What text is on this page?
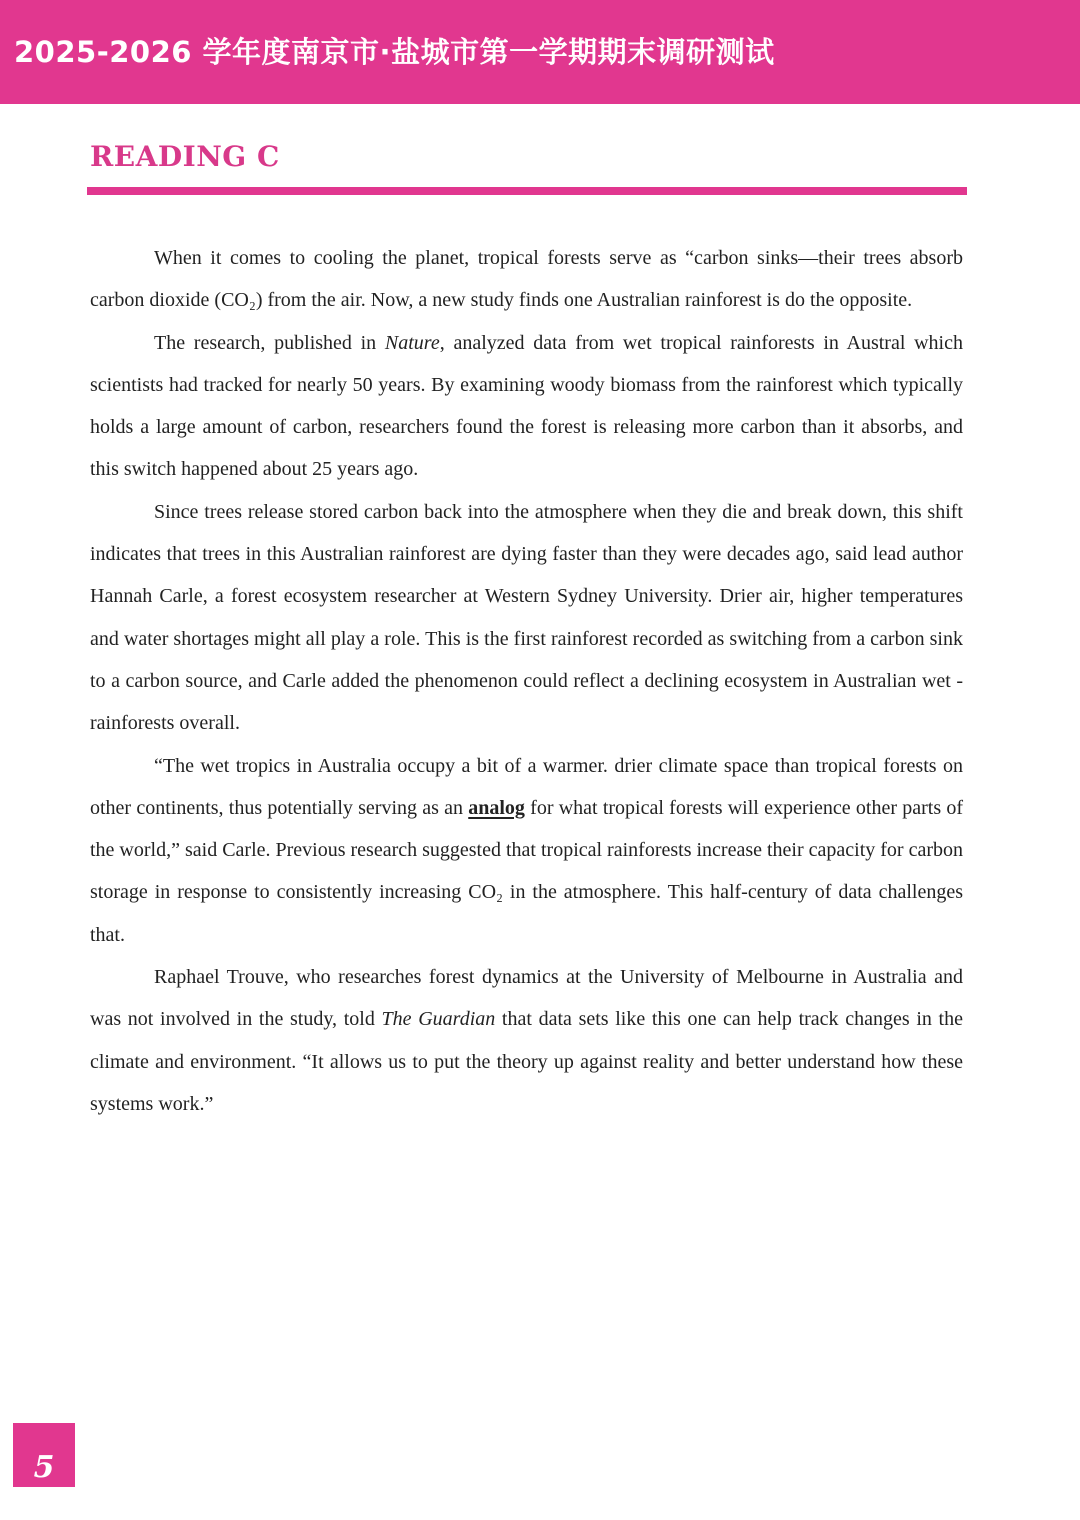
2025-2026 学年度南京市·盐城市第一学期期末调研测试
READING C

When it comes to cooling the planet, tropical forests serve as “carbon sinks—their trees absorb carbon dioxide (CO₂) from the air. Now, a new study finds one Australian rainforest is do the opposite.

The research, published in Nature, analyzed data from wet tropical rainforests in Austral which scientists had tracked for nearly 50 years. By examining woody biomass from the rainforest which typically holds a large amount of carbon, researchers found the forest is releasing more carbon than it absorbs, and this switch happened about 25 years ago.

Since trees release stored carbon back into the atmosphere when they die and break down, this shift indicates that trees in this Australian rainforest are dying faster than they were decades ago, said lead author Hannah Carle, a forest ecosystem researcher at Western Sydney University. Drier air, higher temperatures and water shortages might all play a role. This is the first rainforest recorded as switching from a carbon sink to a carbon source, and Carle added the phenomenon could reflect a declining ecosystem in Australian wet -rainforests overall.

“The wet tropics in Australia occupy a bit of a warmer. drier climate space than tropical forests on other continents, thus potentially serving as an analog for what tropical forests will experience other parts of the world,” said Carle. Previous research suggested that tropical rainforests increase their capacity for carbon storage in response to consistently increasing CO₂ in the atmosphere. This half-century of data challenges that.

Raphael Trouve, who researches forest dynamics at the University of Melbourne in Australia and was not involved in the study, told The Guardian that data sets like this one can help track changes in the climate and environment. “It allows us to put the theory up against reality and better understand how these systems work.”

5
